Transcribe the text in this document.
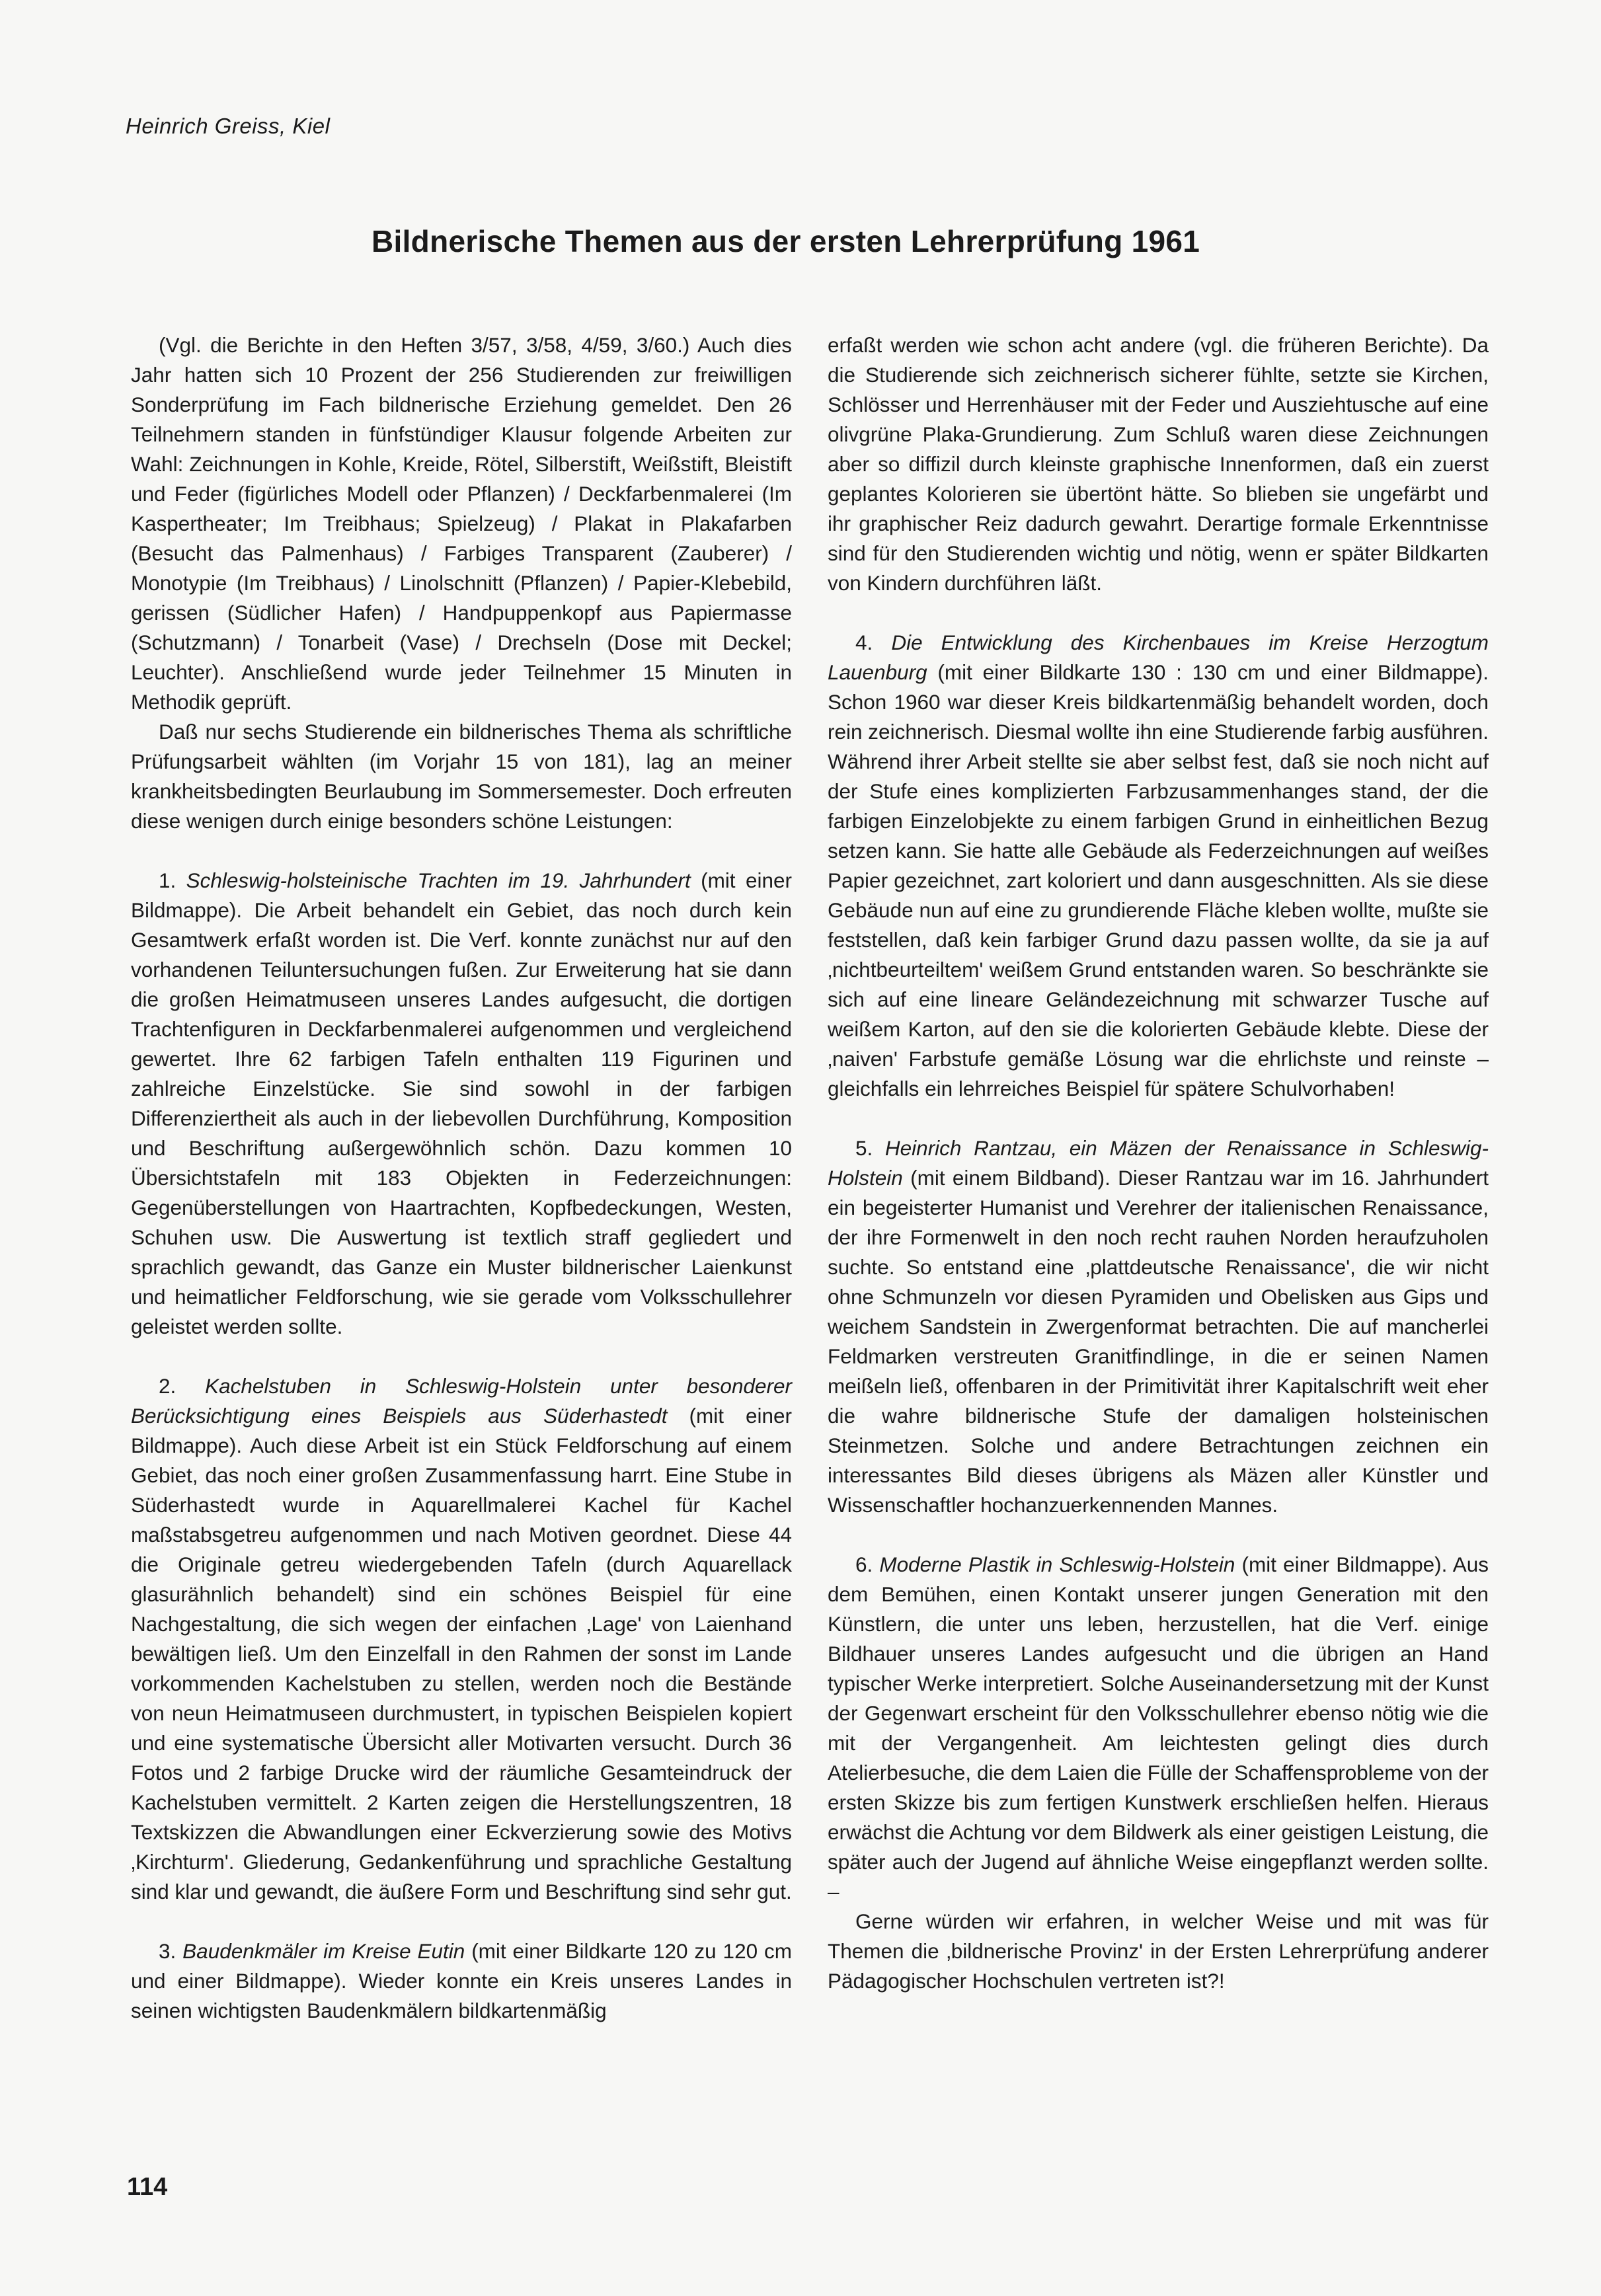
Heinrich Greiss, Kiel

Bildnerische Themen aus der ersten Lehrerprüfung 1961

(Vgl. die Berichte in den Heften 3/57, 3/58, 4/59, 3/60.) Auch dies Jahr hatten sich 10 Prozent der 256 Studierenden zur freiwilligen Sonderprüfung im Fach bildnerische Erziehung gemeldet. Den 26 Teilnehmern standen in fünfstündiger Klausur folgende Arbeiten zur Wahl: Zeichnungen in Kohle, Kreide, Rötel, Silberstift, Weißstift, Bleistift und Feder (figürliches Modell oder Pflanzen) / Deckfarbenmalerei (Im Kaspertheater; Im Treibhaus; Spielzeug) / Plakat in Plakafarben (Besucht das Palmenhaus) / Farbiges Transparent (Zauberer) / Monotypie (Im Treibhaus) / Linolschnitt (Pflanzen) / Papier-Klebebild, gerissen (Südlicher Hafen) / Handpuppenkopf aus Papiermasse (Schutzmann) / Tonarbeit (Vase) / Drechseln (Dose mit Deckel; Leuchter). Anschließend wurde jeder Teilnehmer 15 Minuten in Methodik geprüft.

Daß nur sechs Studierende ein bildnerisches Thema als schriftliche Prüfungsarbeit wählten (im Vorjahr 15 von 181), lag an meiner krankheitsbedingten Beurlaubung im Sommersemester. Doch erfreuten diese wenigen durch einige besonders schöne Leistungen:

1. Schleswig-holsteinische Trachten im 19. Jahrhundert (mit einer Bildmappe). Die Arbeit behandelt ein Gebiet, das noch durch kein Gesamtwerk erfaßt worden ist. Die Verf. konnte zunächst nur auf den vorhandenen Teiluntersuchungen fußen. Zur Erweiterung hat sie dann die großen Heimatmuseen unseres Landes aufgesucht, die dortigen Trachtenfiguren in Deckfarbenmalerei aufgenommen und vergleichend gewertet. Ihre 62 farbigen Tafeln enthalten 119 Figurinen und zahlreiche Einzelstücke. Sie sind sowohl in der farbigen Differenziertheit als auch in der liebevollen Durchführung, Komposition und Beschriftung außergewöhnlich schön. Dazu kommen 10 Übersichtstafeln mit 183 Objekten in Federzeichnungen: Gegenüberstellungen von Haartrachten, Kopfbedeckungen, Westen, Schuhen usw. Die Auswertung ist textlich straff gegliedert und sprachlich gewandt, das Ganze ein Muster bildnerischer Laienkunst und heimatlicher Feldforschung, wie sie gerade vom Volksschullehrer geleistet werden sollte.

2. Kachelstuben in Schleswig-Holstein unter besonderer Berücksichtigung eines Beispiels aus Süderhastedt (mit einer Bildmappe). Auch diese Arbeit ist ein Stück Feldforschung auf einem Gebiet, das noch einer großen Zusammenfassung harrt. Eine Stube in Süderhastedt wurde in Aquarellmalerei Kachel für Kachel maßstabsgetreu aufgenommen und nach Motiven geordnet. Diese 44 die Originale getreu wiedergebenden Tafeln (durch Aquarellack glasurähnlich behandelt) sind ein schönes Beispiel für eine Nachgestaltung, die sich wegen der einfachen ‚Lage' von Laienhand bewältigen ließ. Um den Einzelfall in den Rahmen der sonst im Lande vorkommenden Kachelstuben zu stellen, werden noch die Bestände von neun Heimatmuseen durchmustert, in typischen Beispielen kopiert und eine systematische Übersicht aller Motivarten versucht. Durch 36 Fotos und 2 farbige Drucke wird der räumliche Gesamteindruck der Kachelstuben vermittelt. 2 Karten zeigen die Herstellungszentren, 18 Textskizzen die Abwandlungen einer Eckverzierung sowie des Motivs ‚Kirchturm'. Gliederung, Gedankenführung und sprachliche Gestaltung sind klar und gewandt, die äußere Form und Beschriftung sind sehr gut.

3. Baudenkmäler im Kreise Eutin (mit einer Bildkarte 120 zu 120 cm und einer Bildmappe). Wieder konnte ein Kreis unseres Landes in seinen wichtigsten Baudenkmälern bildkartenmäßig

erfaßt werden wie schon acht andere (vgl. die früheren Berichte). Da die Studierende sich zeichnerisch sicherer fühlte, setzte sie Kirchen, Schlösser und Herrenhäuser mit der Feder und Ausziehtusche auf eine olivgrüne Plaka-Grundierung. Zum Schluß waren diese Zeichnungen aber so diffizil durch kleinste graphische Innenformen, daß ein zuerst geplantes Kolorieren sie übertönt hätte. So blieben sie ungefärbt und ihr graphischer Reiz dadurch gewahrt. Derartige formale Erkenntnisse sind für den Studierenden wichtig und nötig, wenn er später Bildkarten von Kindern durchführen läßt.

4. Die Entwicklung des Kirchenbaues im Kreise Herzogtum Lauenburg (mit einer Bildkarte 130 : 130 cm und einer Bildmappe). Schon 1960 war dieser Kreis bildkartenmäßig behandelt worden, doch rein zeichnerisch. Diesmal wollte ihn eine Studierende farbig ausführen. Während ihrer Arbeit stellte sie aber selbst fest, daß sie noch nicht auf der Stufe eines komplizierten Farbzusammenhanges stand, der die farbigen Einzelobjekte zu einem farbigen Grund in einheitlichen Bezug setzen kann. Sie hatte alle Gebäude als Federzeichnungen auf weißes Papier gezeichnet, zart koloriert und dann ausgeschnitten. Als sie diese Gebäude nun auf eine zu grundierende Fläche kleben wollte, mußte sie feststellen, daß kein farbiger Grund dazu passen wollte, da sie ja auf ‚nichtbeurteiltem' weißem Grund entstanden waren. So beschränkte sie sich auf eine lineare Geländezeichnung mit schwarzer Tusche auf weißem Karton, auf den sie die kolorierten Gebäude klebte. Diese der ‚naiven' Farbstufe gemäße Lösung war die ehrlichste und reinste – gleichfalls ein lehrreiches Beispiel für spätere Schulvorhaben!

5. Heinrich Rantzau, ein Mäzen der Renaissance in Schleswig-Holstein (mit einem Bildband). Dieser Rantzau war im 16. Jahrhundert ein begeisterter Humanist und Verehrer der italienischen Renaissance, der ihre Formenwelt in den noch recht rauhen Norden heraufzuholen suchte. So entstand eine ‚plattdeutsche Renaissance', die wir nicht ohne Schmunzeln vor diesen Pyramiden und Obelisken aus Gips und weichem Sandstein in Zwergenformat betrachten. Die auf mancherlei Feldmarken verstreuten Granitfindlinge, in die er seinen Namen meißeln ließ, offenbaren in der Primitivität ihrer Kapitalschrift weit eher die wahre bildnerische Stufe der damaligen holsteinischen Steinmetzen. Solche und andere Betrachtungen zeichnen ein interessantes Bild dieses übrigens als Mäzen aller Künstler und Wissenschaftler hochanzuerkennenden Mannes.

6. Moderne Plastik in Schleswig-Holstein (mit einer Bildmappe). Aus dem Bemühen, einen Kontakt unserer jungen Generation mit den Künstlern, die unter uns leben, herzustellen, hat die Verf. einige Bildhauer unseres Landes aufgesucht und die übrigen an Hand typischer Werke interpretiert. Solche Auseinandersetzung mit der Kunst der Gegenwart erscheint für den Volksschullehrer ebenso nötig wie die mit der Vergangenheit. Am leichtesten gelingt dies durch Atelierbesuche, die dem Laien die Fülle der Schaffensprobleme von der ersten Skizze bis zum fertigen Kunstwerk erschließen helfen. Hieraus erwächst die Achtung vor dem Bildwerk als einer geistigen Leistung, die später auch der Jugend auf ähnliche Weise eingepflanzt werden sollte. –

Gerne würden wir erfahren, in welcher Weise und mit was für Themen die ‚bildnerische Provinz' in der Ersten Lehrerprüfung anderer Pädagogischer Hochschulen vertreten ist?!

114
